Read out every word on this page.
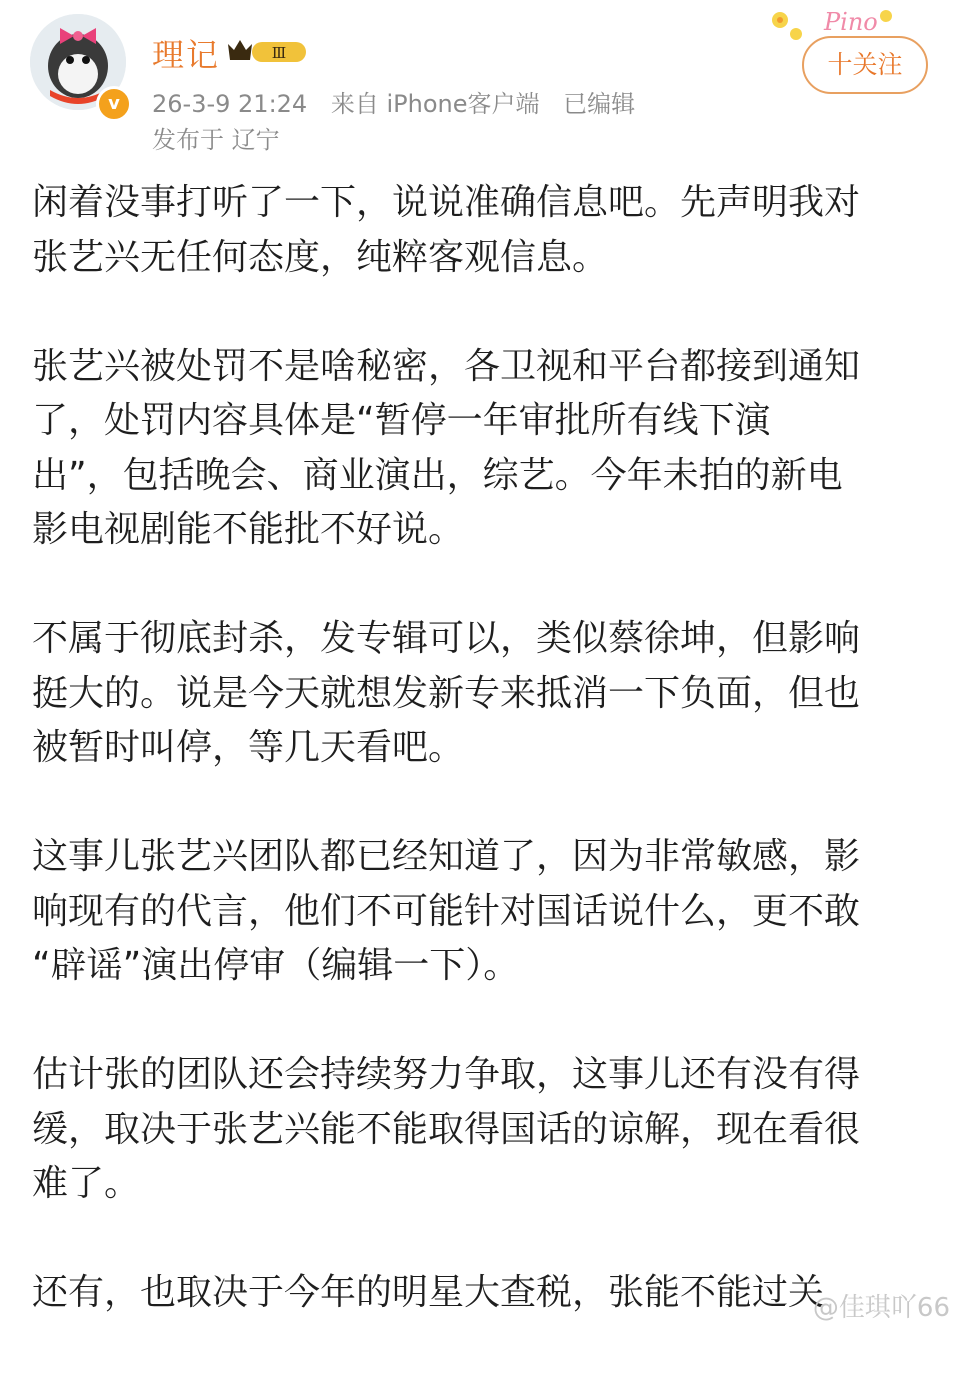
v
理记	Ⅲ
26-3-9 21:24 来自 iPhone客户端 已编辑
发布于 辽宁
Pino
十关注

闲着没事打听了一下，说说准确信息吧。先声明我对
张艺兴无任何态度，纯粹客观信息。

张艺兴被处罚不是啥秘密，各卫视和平台都接到通知
了，处罚内容具体是“暂停一年审批所有线下演
出”，包括晚会、商业演出，综艺。今年未拍的新电
影电视剧能不能批不好说。

不属于彻底封杀，发专辑可以，类似蔡徐坤，但影响
挺大的。说是今天就想发新专来抵消一下负面，但也
被暂时叫停，等几天看吧。

这事儿张艺兴团队都已经知道了，因为非常敏感，影
响现有的代言，他们不可能针对国话说什么，更不敢
“辟谣”演出停审（编辑一下）。

估计张的团队还会持续努力争取，这事儿还有没有得
缓，取决于张艺兴能不能取得国话的谅解，现在看很
难了。

还有，也取决于今年的明星大查税，张能不能过关

@佳琪吖66
